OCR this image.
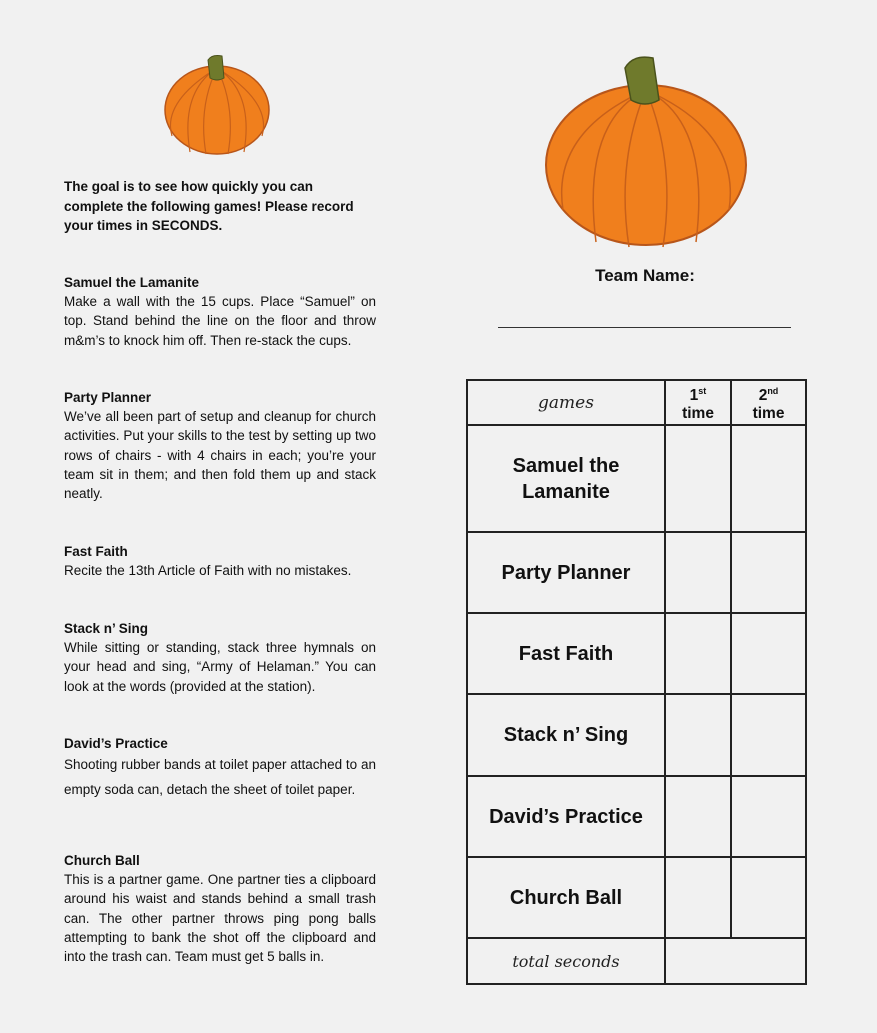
The goal is to see how quickly you can complete the following games! Please record your times in SECONDS.
Samuel the Lamanite

Make a wall with the 15 cups. Place “Samuel” on top. Stand behind the line on the floor and throw m&m’s to knock him off. Then re-stack the cups.

Party Planner

We’ve all been part of setup and cleanup for church activities. Put your skills to the test by setting up two rows of chairs - with 4 chairs in each; you’re your team sit in them; and then fold them up and stack neatly.

Fast Faith

Recite the 13th Article of Faith with no mistakes.

Stack n’ Sing

While sitting or standing, stack three hymnals on your head and sing, “Army of Helaman.” You can look at the words (provided at the station).

David’s Practice

Shooting rubber bands at toilet paper attached to an empty soda can, detach the sheet of toilet paper.

Church Ball

This is a partner game. One partner ties a clipboard around his waist and stands behind a small trash can. The other partner throws ping pong balls attempting to bank the shot off the clipboard and into the trash can. Team must get 5 balls in.

Team Name:
games	1st
time
2nd
time
Samuel the Lamanite
Party Planner
Fast Faith
Stack n’ Sing
David’s Practice
Church Ball
total seconds
